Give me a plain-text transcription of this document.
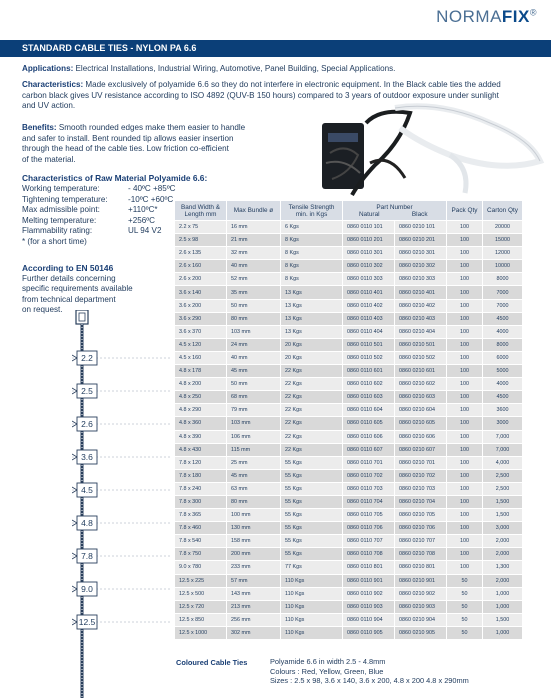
NORMAFIX®
STANDARD CABLE TIES - NYLON PA 6.6
Applications: Electrical Installations, Industrial Wiring, Automotive, Panel Building, Special Applications.
Characteristics: Made exclusively of polyamide 6.6 so they do not interfere in electronic equipment. In the Black cable ties the added
carbon black gives UV resistance according to ISO 4892 (QUV-B 150 hours) compared to 3 years of outdoor exposure under sunlight
and UV action.
Benefits: Smooth rounded edges make them easier to handle
and safer to install. Bent rounded tip allows easier insertion
through the head of the cable ties. Low friction co-efficient
of the material.
Characteristics of Raw Material Polyamide 6.6:
Working temperature:	- 40ºC +85ºC
Tightening temperature:	-10ºC +60ºC
Max admissible point:	+110ºC*
Melting temperature:	+256ºC
Flammability rating:	UL 94 V2
* (for a short time)
According to EN 50146
Further details concerning
specific requirements available
from technical department
on request.
Band Width &
Length mm	Max Bundle ø	Tensile Strength
min. in Kgs	Part Number
Natural Black		Pack Qty	Carton Qty
2.2 x 75	16 mm	6 Kgs	0860 0110 101	0860 0210 101	100	20000
2.5 x 98	21 mm	8 Kgs	0860 0110 201	0860 0210 201	100	15000
2.6 x 135	32 mm	8 Kgs	0860 0110 301	0860 0210 301	100	12000
2.6 x 160	40 mm	8 Kgs	0860 0110 302	0860 0210 302	100	10000
2.6 x 200	52 mm	8 Kgs	0860 0110 303	0860 0210 303	100	8000
3.6 x 140	35 mm	13 Kgs	0860 0110 401	0860 0210 401	100	7000
3.6 x 200	50 mm	13 Kgs	0860 0110 402	0860 0210 402	100	7000
3.6 x 290	80 mm	13 Kgs	0860 0110 403	0860 0210 403	100	4500
3.6 x 370	103 mm	13 Kgs	0860 0110 404	0860 0210 404	100	4000
4.5 x 120	24 mm	20 Kgs	0860 0110 501	0860 0210 501	100	8000
4.5 x 160	40 mm	20 Kgs	0860 0110 502	0860 0210 502	100	6000
4.8 x 178	45 mm	22 Kgs	0860 0110 601	0860 0210 601	100	5000
4.8 x 200	50 mm	22 Kgs	0860 0110 602	0860 0210 602	100	4000
4.8 x 250	68 mm	22 Kgs	0860 0110 603	0860 0210 603	100	4500
4.8 x 290	79 mm	22 Kgs	0860 0110 604	0860 0210 604	100	3600
4.8 x 360	103 mm	22 Kgs	0860 0110 605	0860 0210 605	100	3000
4.8 x 390	106 mm	22 Kgs	0860 0110 606	0860 0210 606	100	7,000
4.8 x 430	115 mm	22 Kgs	0860 0110 607	0860 0210 607	100	7,000
7.8 x 120	25 mm	55 Kgs	0860 0110 701	0860 0210 701	100	4,000
7.8 x 180	45 mm	55 Kgs	0860 0110 702	0860 0210 702	100	2,500
7.8 x 240	63 mm	55 Kgs	0860 0110 703	0860 0210 703	100	2,500
7.8 x 300	80 mm	55 Kgs	0860 0110 704	0860 0210 704	100	1,500
7.8 x 365	100 mm	55 Kgs	0860 0110 705	0860 0210 705	100	1,500
7.8 x 460	130 mm	55 Kgs	0860 0110 706	0860 0210 706	100	3,000
7.8 x 540	158 mm	55 Kgs	0860 0110 707	0860 0210 707	100	2,000
7.8 x 750	200 mm	55 Kgs	0860 0110 708	0860 0210 708	100	2,000
9.0 x 780	233 mm	77 Kgs	0860 0110 801	0860 0210 801	100	1,300
12.5 x 225	57 mm	110 Kgs	0860 0110 901	0860 0210 901	50	2,000
12.5 x 500	143 mm	110 Kgs	0860 0110 902	0860 0210 902	50	1,000
12.5 x 720	213 mm	110 Kgs	0860 0110 903	0860 0210 903	50	1,000
12.5 x 850	256 mm	110 Kgs	0860 0110 904	0860 0210 904	50	1,500
12.5 x 1000	302 mm	110 Kgs	0860 0110 905	0860 0210 905	50	1,000
2.2
2.5
2.6
3.6
4.5
4.8
7.8
9.0
12.5
Coloured Cable Ties	Polyamide 6.6 in width 2.5 - 4.8mm
Colours : Red, Yellow, Green, Blue
Sizes : 2.5 x 98, 3.6 x 140, 3.6 x 200, 4.8 x 200 4.8 x 290mm
